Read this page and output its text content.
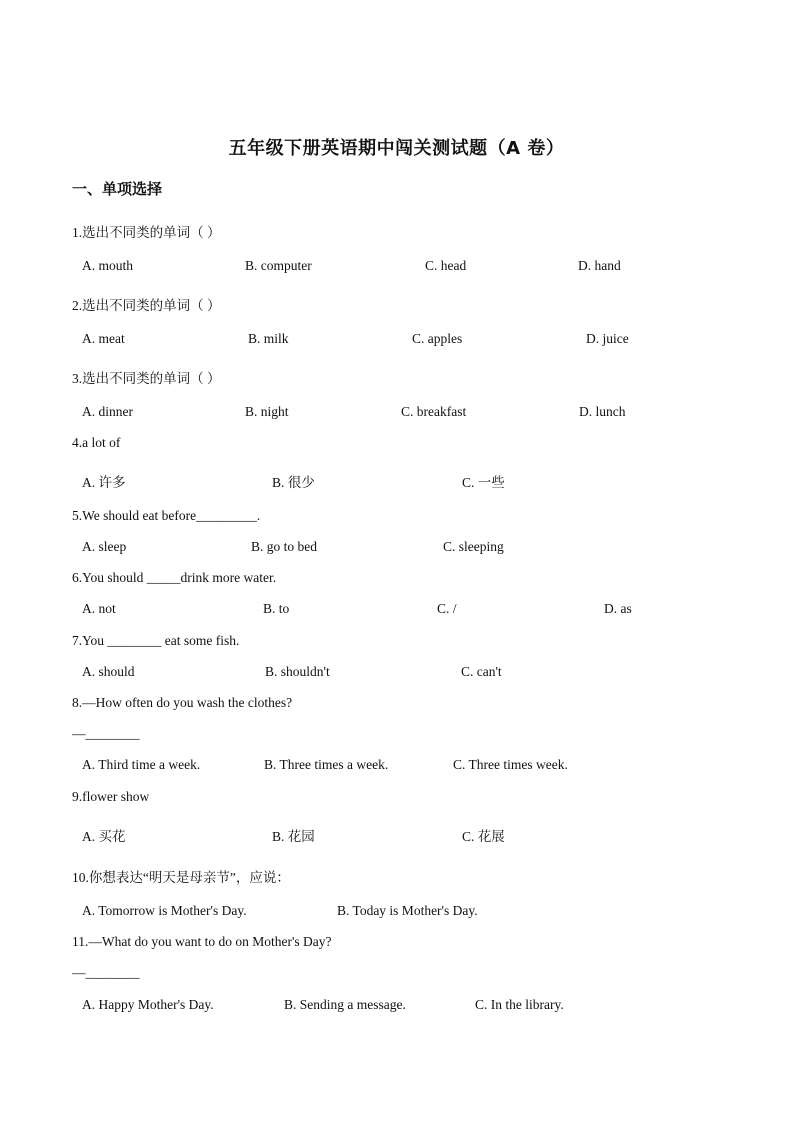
五年级下册英语期中闯关测试题（A 卷）
一、单项选择
1.选出不同类的单词（ ）
A. mouth	B. computer	C. head	D. hand
2.选出不同类的单词（ ）
A. meat	B. milk	C. apples	D. juice
3.选出不同类的单词（ ）
A. dinner	B. night	C. breakfast	D. lunch
4.a lot of
A. 许多	B. 很少	C. 一些
5.We should eat before_________.
A. sleep	B. go to bed	C. sleeping
6.You should _____drink more water.
A. not	B. to	C. /	D. as
7.You ________ eat some fish.
A. should	B. shouldn't	C. can't
8.—How often do you wash the clothes?
—________
A. Third time a week.	B. Three times a week.	C. Three times week.
9.flower show
A. 买花	B. 花园	C. 花展
10.你想表达“明天是母亲节”，应说：
A. Tomorrow is Mother's Day.	B. Today is Mother's Day.
11.—What do you want to do on Mother's Day?
—________
A. Happy Mother's Day.	B. Sending a message.	C. In the library.
